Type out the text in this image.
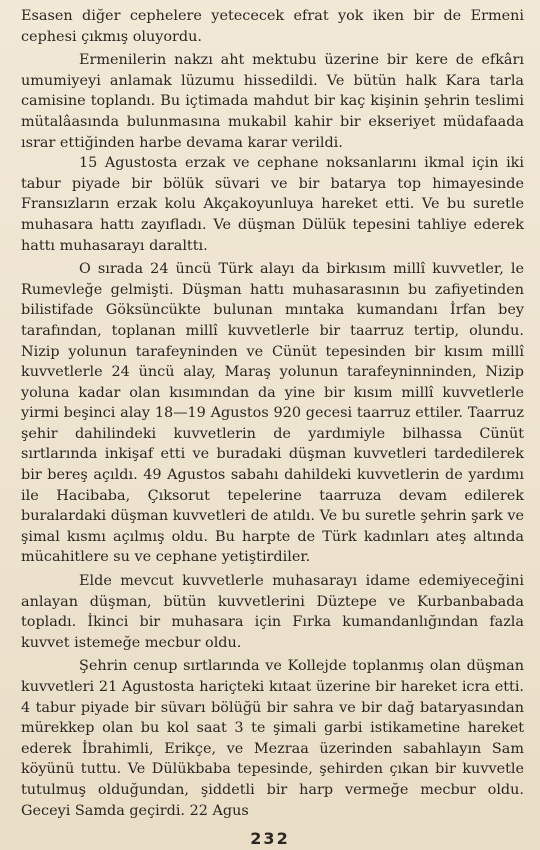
Esasen diğer cephelere yetececek efrat yok iken bir de Ermeni cephesi çıkmış oluyordu.

Ermenilerin nakzı aht mektubu üzerine bir kere de efkârı umumiyeyi anlamak lüzumu hissedildi. Ve bütün halk Kara tarla camisine toplandı. Bu içtimada mahdut bir kaç kişinin şehrin teslimi mütalâasında bulunmasına mukabil kahir bir ekseriyet müdafaada ısrar ettiğinden harbe devama karar verildi.

15 Agustosta erzak ve cephane noksanlarını ikmal için iki tabur piyade bir bölük süvari ve bir batarya top himayesinde Fransızların erzak kolu Akçakoyunluya hareket etti. Ve bu suretle muhasara hattı zayıfladı. Ve düşman Dülük tepesini tahliye ederek hattı muhasarayı daralttı.

O sırada 24 üncü Türk alayı da birkısım millî kuvvetler, le Rumevleğe gelmişti. Düşman hattı muhasarasının bu zafiyetinden bilistifade Göksüncükte bulunan mıntaka kumandanı İrfan bey tarafından, toplanan millî kuvvetlerle bir taarruz tertip, olundu. Nizip yolunun tarafeyninden ve Cünüt tepesinden bir kısım millî kuvvetlerle 24 üncü alay, Maraş yolunun tarafeyninninden, Nizip yoluna kadar olan kısımından da yine bir kısım millî kuvvetlerle yirmi beşinci alay 18—19 Agustos 920 gecesi taarruz ettiler. Taarruz şehir dahilindeki kuvvetlerin de yardımiyle bilhassa Cünüt sırtlarında inkişaf etti ve buradaki düşman kuvvetleri tardedilerek bir bereş açıldı. 49 Agustos sabahı dahildeki kuvvetlerin de yardımı ile Hacibaba, Çıksorut tepelerine taarruza devam edilerek buralardaki düşman kuvvetleri de atıldı. Ve bu suretle şehrin şark ve şimal kısmı açılmış oldu. Bu harpte de Türk kadınları ateş altında mücahitlere su ve cephane yetiştirdiler.

Elde mevcut kuvvetlerle muhasarayı idame edemiyeceğini anlayan düşman, bütün kuvvetlerini Düztepe ve Kurbanbabada topladı. İkinci bir muhasara için Fırka kumandanlığından fazla kuvvet istemeğe mecbur oldu.

Şehrin cenup sırtlarında ve Kollejde toplanmış olan düşman kuvvetleri 21 Agustosta hariçteki kıtaat üzerine bir hareket icra etti. 4 tabur piyade bir süvarı bölüğü bir sahra ve bir dağ bataryasından mürekkep olan bu kol saat 3 te şimali garbi istikametine hareket ederek İbrahimli, Erikçe, ve Mezraa üzerinden sabahlayın Sam köyünü tuttu. Ve Dülükbaba tepesinde, şehirden çıkan bir kuvvetle tutulmuş olduğundan, şiddetli bir harp vermeğe mecbur oldu. Geceyi Samda geçirdi. 22 Agus

232
